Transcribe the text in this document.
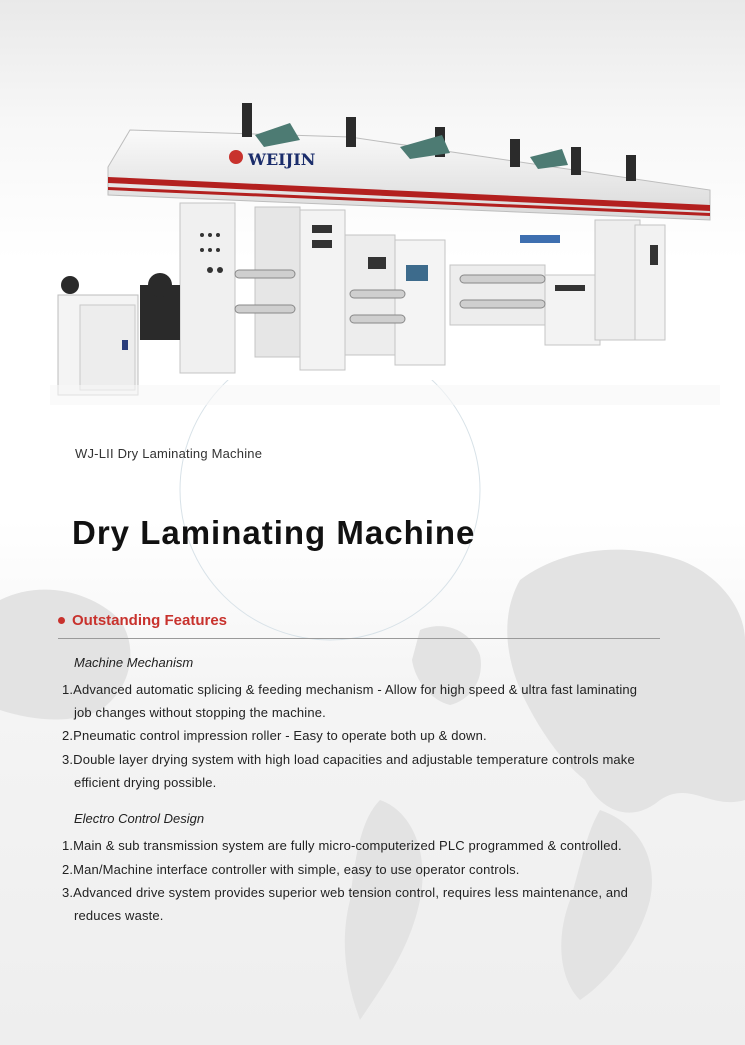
WEIJIN
WJ-LII Dry Laminating Machine
Dry Laminating Machine
Outstanding Features
Machine Mechanism
1.Advanced automatic splicing & feeding mechanism - Allow for high speed & ultra fast laminating
job changes without stopping the machine.
2.Pneumatic control impression roller - Easy to operate both up & down.
3.Double layer drying system with high load capacities and adjustable temperature controls make
efficient drying possible.
Electro Control Design
1.Main & sub transmission system are fully micro-computerized PLC programmed & controlled.
2.Man/Machine interface controller with simple, easy to use operator controls.
3.Advanced drive system provides superior web tension control, requires less maintenance, and
reduces waste.
